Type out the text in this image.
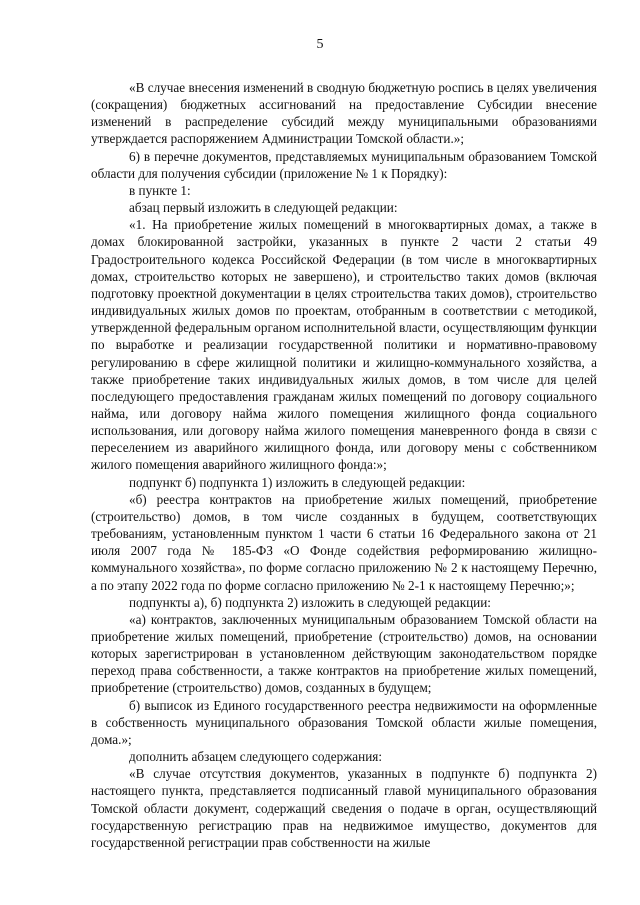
5

«В случае внесения изменений в сводную бюджетную роспись в целях увеличения (сокращения) бюджетных ассигнований на предоставление Субсидии внесение изменений в распределение субсидий между муниципальными образованиями утверждается распоряжением Администрации Томской области.»;

6) в перечне документов, представляемых муниципальным образованием Томской области для получения субсидии (приложение № 1 к Порядку):

в пункте 1:

абзац первый изложить в следующей редакции:

«1. На приобретение жилых помещений в многоквартирных домах, а также в домах блокированной застройки, указанных в пункте 2 части 2 статьи 49 Градостроительного кодекса Российской Федерации (в том числе в многоквартирных домах, строительство которых не завершено), и строительство таких домов (включая подготовку проектной документации в целях строительства таких домов), строительство индивидуальных жилых домов по проектам, отобранным в соответствии с методикой, утвержденной федеральным органом исполнительной власти, осуществляющим функции по выработке и реализации государственной политики и нормативно-правовому регулированию в сфере жилищной политики и жилищно-коммунального хозяйства, а также приобретение таких индивидуальных жилых домов, в том числе для целей последующего предоставления гражданам жилых помещений по договору социального найма, или договору найма жилого помещения жилищного фонда социального использования, или договору найма жилого помещения маневренного фонда в связи с переселением из аварийного жилищного фонда, или договору мены с собственником жилого помещения аварийного жилищного фонда:»;

подпункт б) подпункта 1) изложить в следующей редакции:

«б) реестра контрактов на приобретение жилых помещений, приобретение (строительство) домов, в том числе созданных в будущем, соответствующих требованиям, установленным пунктом 1 части 6 статьи 16 Федерального закона от 21 июля 2007 года № 185-ФЗ «О Фонде содействия реформированию жилищно-коммунального хозяйства», по форме согласно приложению № 2 к настоящему Перечню, а по этапу 2022 года по форме согласно приложению № 2-1 к настоящему Перечню;»;

подпункты а), б) подпункта 2) изложить в следующей редакции:

«а) контрактов, заключенных муниципальным образованием Томской области на приобретение жилых помещений, приобретение (строительство) домов, на основании которых зарегистрирован в установленном действующим законодательством порядке переход права собственности, а также контрактов на приобретение жилых помещений, приобретение (строительство) домов, созданных в будущем;

б) выписок из Единого государственного реестра недвижимости на оформленные в собственность муниципального образования Томской области жилые помещения, дома.»;

дополнить абзацем следующего содержания:

«В случае отсутствия документов, указанных в подпункте б) подпункта 2) настоящего пункта, представляется подписанный главой муниципального образования Томской области документ, содержащий сведения о подаче в орган, осуществляющий государственную регистрацию прав на недвижимое имущество, документов для государственной регистрации прав собственности на жилые
